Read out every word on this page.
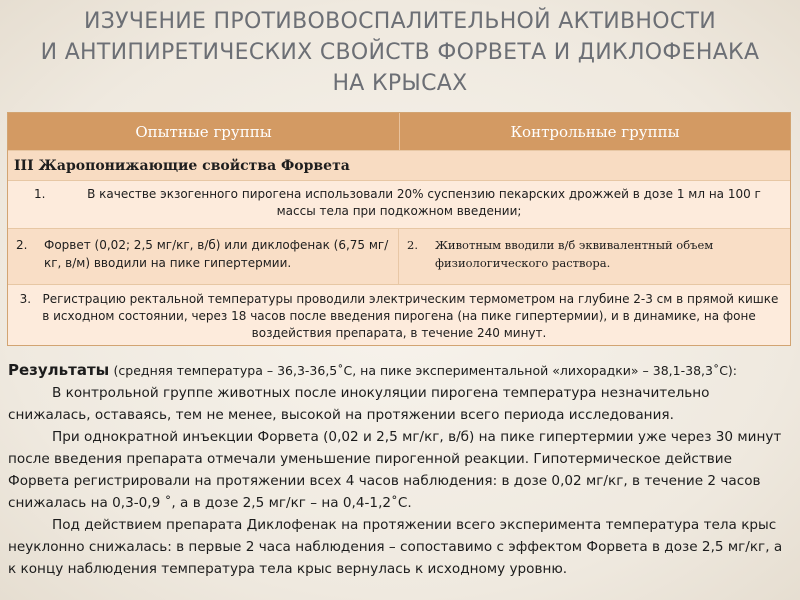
ИЗУЧЕНИЕ ПРОТИВОВОСПАЛИТЕЛЬНОЙ АКТИВНОСТИ
И АНТИПИРЕТИЧЕСКИХ СВОЙСТВ ФОРВЕТА И ДИКЛОФЕНАКА
НА КРЫСАХ
Опытные группы	Контрольные группы
III Жаропонижающие свойства Форвета
1.	В качестве экзогенного пирогена использовали 20% суспензию пекарских дрожжей в дозе 1 мл на 100 г массы тела при подкожном введении;
2. Форвет (0,02; 2,5 мг/кг, в/б) или диклофенак (6,75 мг/кг, в/м) вводили на пике гипертермии.
2. Животным вводили в/б эквивалентный объем физиологического раствора.
3. Регистрацию ректальной температуры проводили электрическим термометром на глубине 2-3 см в прямой кишке в исходном состоянии, через 18 часов после введения пирогена (на пике гипертермии), и в динамике, на фоне воздействия препарата, в течение 240 минут.

Результаты (средняя температура – 36,3-36,5˚С, на пике экспериментальной «лихорадки» – 38,1-38,3˚С):

В контрольной группе животных после инокуляции пирогена температура незначительно снижалась, оставаясь, тем не менее, высокой на протяжении всего периода исследования.

При однократной инъекции Форвета (0,02 и 2,5 мг/кг, в/б) на пике гипертермии уже через 30 минут после введения препарата отмечали уменьшение пирогенной реакции. Гипотермическое действие Форвета регистрировали на протяжении всех 4 часов наблюдения: в дозе 0,02 мг/кг, в течение 2 часов снижалась на 0,3-0,9 ˚, а в дозе 2,5 мг/кг – на 0,4-1,2˚С.

Под действием препарата Диклофенак на протяжении всего эксперимента температура тела крыс неуклонно снижалась: в первые 2 часа наблюдения – сопоставимо с эффектом Форвета в дозе 2,5 мг/кг, а к концу наблюдения температура тела крыс вернулась к исходному уровню.
